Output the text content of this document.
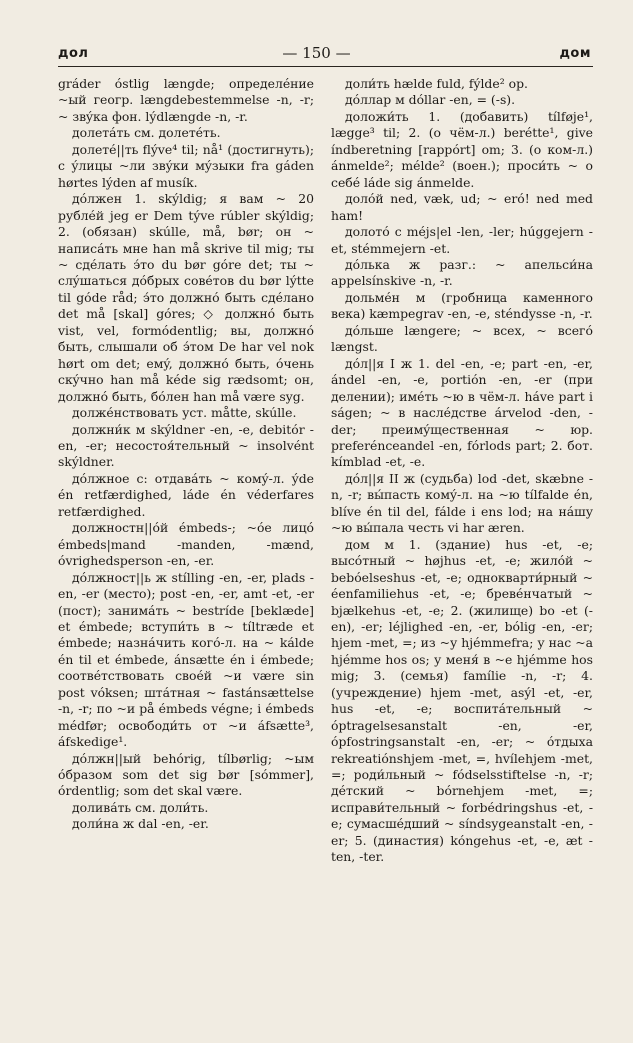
дол	— 150 —	дом

gráder óstlig længde; определéние ~ый геогр. længdebestemmelse -n, -r; ~ звýка фон. lýdlængde -n, -r.

долетáть см. долетéть.

долетé||ть flýve⁴ til; nå¹ (достигнуть); с ýлицы ~ли звýки мýзыки fra gáden hørtes lýden af musík.

дóлжен 1. skýldig; я вам ~ 20 рублéй jeg er Dem týve rúbler skýldig; 2. (обязан) skúlle, må, bør; он ~ написáть мне han må skrive til mig; ты ~ сдéлать э́то du bør góre det; ты ~ слýшаться дóбрых совéтов du bør lýtte til góde råd; э́то должнó быть сдéлано det må [skal] góres; ◇ должнó быть vist, vel, formódentlig; вы, должнó быть, слышали об э́том De har vel nok hørt om det; емý, должнó быть, óчень скýчно han må kéde sig rædsomt; он, должнó быть, бóлен han må være syg.

должéнствовать уст. måtte, skúlle.

должни́к м skýldner -en, -e, debitór -en, -er; несостоя́тельный ~ insolvént skýldner.

дóлжное с: отдавáть ~ комý-л. ýde én retfærdighed, láde én véderfares retfærdighed.

должностн||óй émbeds-; ~óе лицó émbeds|mand -manden, -mænd, óvrighedsperson -en, -er.

дóлжност||ь ж stílling -en, -er, plads -en, -er (место); post -en, -er, amt -et, -er (пост); занимáть ~ bestríde [beklæde] et émbede; вступи́ть в ~ tíltræde et émbede; назнáчить когó-л. на ~ kálde én til et émbede, ánsætte én i émbede; соотвéтствовать своéй ~и være sin post vóksen; штáтная ~ fastánsættelse -n, -r; по ~и på émbeds végne; i émbeds médfør; освободи́ть от ~и áfsætte³, áfskedige¹.

дóлжн||ый behórig, tílbørlig; ~ым óбразом som det sig bør [sómmer], órdentlig; som det skal være.

доливáть см. доли́ть.

доли́на ж dal -en, -er.

доли́ть hælde fuld, fýlde² op.

дóллар м dóllar -en, = (-s).

доложи́ть 1. (добавить) tílføje¹, lægge³ til; 2. (о чём-л.) berétte¹, give índberetning [rappórt] om; 3. (о ком-л.) ánmelde²; mélde² (воен.); проси́ть ~ о себé láde sig ánmelde.

долóй ned, væk, ud; ~ eró! ned med ham!

долотó с méjs|el -len, -ler; húggejern -et, stémmejern -et.

дóлька ж разг.: ~ апельси́на appelsínskive -n, -r.

дольмéн м (гробница каменного века) kæmpegrav -en, -e, sténdysse -n, -r.

дóльше længere; ~ всех, ~ всегó længst.

дóл||я I ж 1. del -en, -e; part -en, -er, ándel -en, -e, portión -en, -er (при делении); имéть ~ю в чём-л. háve part i ságen; ~ в наслéдстве árvelod -den, -der; преимýщественная ~ юр. preferénceandel -en, fórlods part; 2. бот. kímblad -et, -e.

дóл||я II ж (судьба) lod -det, skæbne -n, -r; вы́пасть комý-л. на ~ю tílfalde én, blíve én til del, fálde i ens lod; на нáшу ~ю вы́пала честь vi har æren.

дом м 1. (здание) hus -et, -e; высóтный ~ højhus -et, -e; жилóй ~ bebóelseshus -et, -e; однокварти́рный ~ éenfamiliehus -et, -e; бревéнчатый ~ bjælkehus -et, -e; 2. (жилище) bo -et (-en), -er; léjlighed -en, -er, bólig -en, -er; hjem -met, =; из ~у hjémmefra; у нас ~a hjémme hos os; у меня́ в ~e hjémme hos mig; 3. (семья) famílie -n, -r; 4. (учреждение) hjem -met, asýl -et, -er, hus -et, -e; воспитáтельный ~ óptragelsesanstalt -en, -er, ópfostringsanstalt -en, -er; ~ óтдыха rekreatiónshjem -met, =, hvílehjem -met, =; роди́льный ~ fódselsstiftelse -n, -r; дéтский ~ bórnehjem -met, =; исправи́тельный ~ forbédringshus -et, -e; сумасшéдший ~ síndsygeanstalt -en, -er; 5. (династия) kóngehus -et, -e, æt -ten, -ter.
